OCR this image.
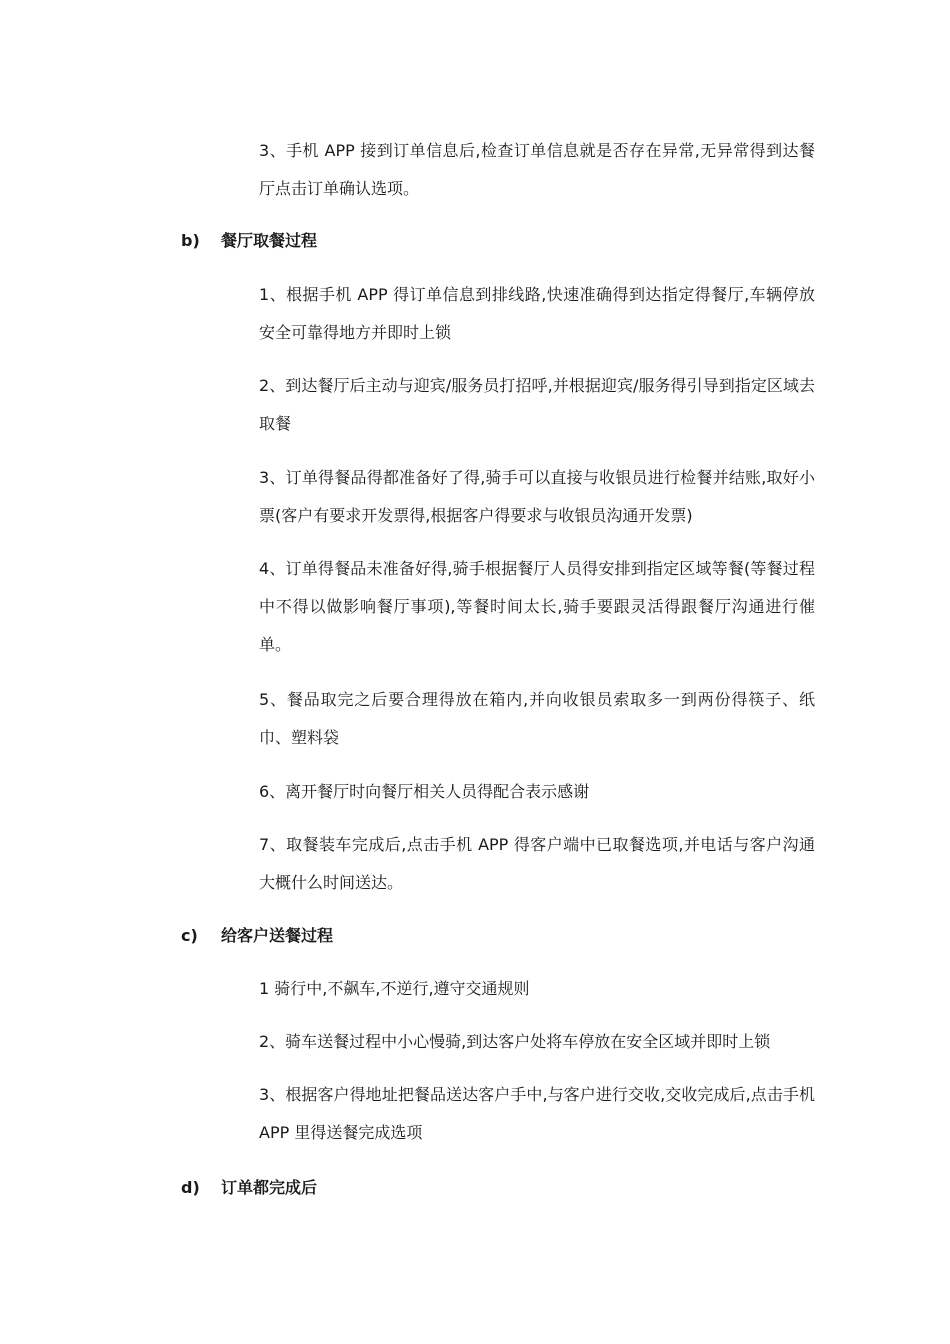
3、手机 APP 接到订单信息后,检查订单信息就是否存在异常,无异常得到达餐厅点击订单确认选项。

b) 餐厅取餐过程

1、根据手机 APP 得订单信息到排线路,快速准确得到达指定得餐厅,车辆停放安全可靠得地方并即时上锁

2、到达餐厅后主动与迎宾/服务员打招呼,并根据迎宾/服务得引导到指定区域去取餐

3、订单得餐品得都准备好了得,骑手可以直接与收银员进行检餐并结账,取好小票(客户有要求开发票得,根据客户得要求与收银员沟通开发票)

4、订单得餐品未准备好得,骑手根据餐厅人员得安排到指定区域等餐(等餐过程中不得以做影响餐厅事项),等餐时间太长,骑手要跟灵活得跟餐厅沟通进行催单。

5、餐品取完之后要合理得放在箱内,并向收银员索取多一到两份得筷子、纸巾、塑料袋

6、离开餐厅时向餐厅相关人员得配合表示感谢

7、取餐装车完成后,点击手机 APP 得客户端中已取餐选项,并电话与客户沟通大概什么时间送达。

c) 给客户送餐过程

1 骑行中,不飙车,不逆行,遵守交通规则

2、骑车送餐过程中小心慢骑,到达客户处将车停放在安全区域并即时上锁

3、根据客户得地址把餐品送达客户手中,与客户进行交收,交收完成后,点击手机 APP 里得送餐完成选项

d) 订单都完成后
